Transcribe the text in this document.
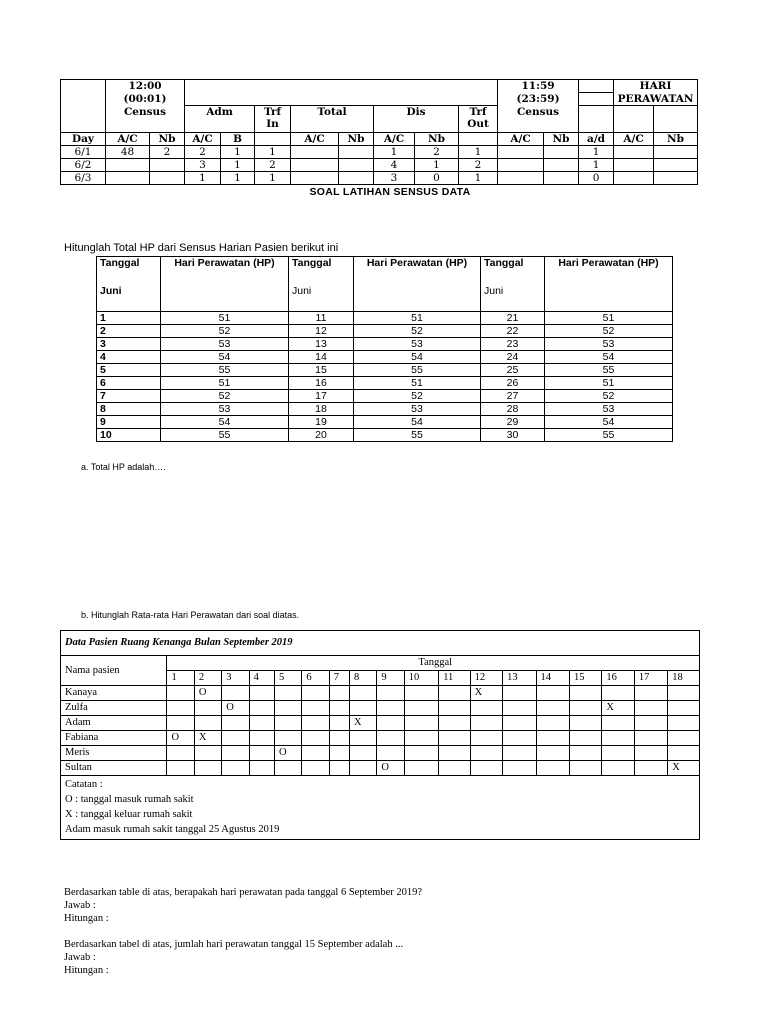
	12:00										11:59			HARI	
	(00:01)										(23:59)			PERAWATAN	
	Census		Adm		Trf In	Total		Dis		Trf Out	Census				
Day	A/C	Nb	A/C	B		A/C	Nb	A/C	Nb		A/C	Nb	a/d	A/C	Nb
6/1	48	2	2	1	1			1	2	1			1		
6/2			3	1	2			4	1	2			1		
6/3			1	1	1			3	0	1			0		
SOAL LATIHAN SENSUS DATA
Hitunglah Total HP dari Sensus Harian Pasien berikut ini
Tanggal	Hari Perawatan (HP)	Tanggal	Hari Perawatan (HP)	Tanggal	Hari Perawatan (HP)
Juni		Juni		Juni	
1	51	11	51	21	51
2	52	12	52	22	52
3	53	13	53	23	53
4	54	14	54	24	54
5	55	15	55	25	55
6	51	16	51	26	51
7	52	17	52	27	52
8	53	18	53	28	53
9	54	19	54	29	54
10	55	20	55	30	55
a. Total HP adalah….
b. Hitunglah Rata-rata Hari Perawatan dari soal diatas.
Data Pasien Ruang Kenanga Bulan September 2019																		
Nama pasien	Tanggal																	
	1	2	3	4	5	6	7	8	9	10	11	12	13	14	15	16	17	18
Kanaya		O										X						
Zulfa			O													X		
Adam								X										
Fabiana	O	X																
Meris					O													
Sultan									O									X

Catatan :
O : tanggal masuk rumah sakit
X : tanggal keluar rumah sakit
Adam masuk rumah sakit tanggal 25 Agustus 2019																		
Berdasarkan table di atas, berapakah hari perawatan pada tanggal 6 September 2019?
Jawab :
Hitungan :
Berdasarkan tabel di atas, jumlah hari perawatan tanggal 15 September adalah ...
Jawab :
Hitungan :
